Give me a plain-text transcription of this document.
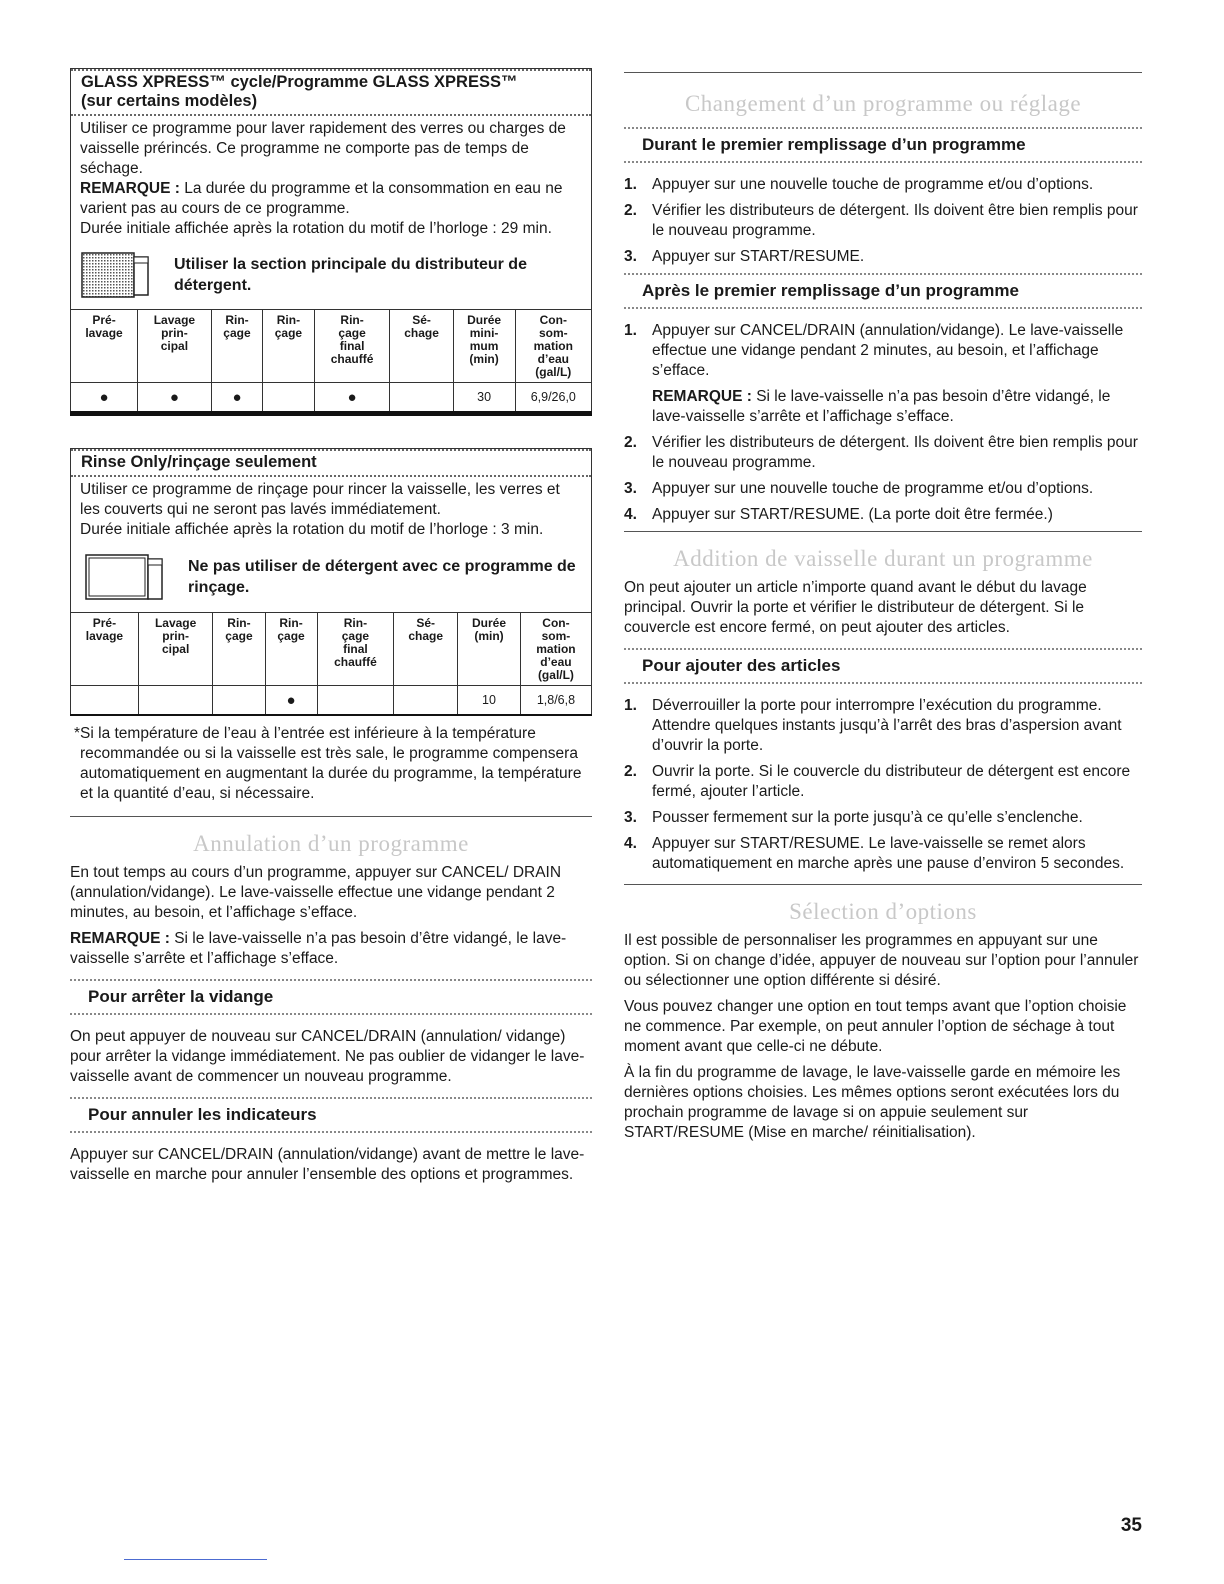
GLASS XPRESS™ cycle/Programme GLASS XPRESS™
(sur certains modèles)

Utiliser ce programme pour laver rapidement des verres ou charges de vaisselle prérincés. Ce programme ne comporte pas de temps de séchage.

REMARQUE : La durée du programme et la consommation en eau ne varient pas au cours de ce programme.

Durée initiale affichée après la rotation du motif de l’horloge : 29 min.

Utiliser la section principale du distributeur de détergent.
Pré-
lavage	Lavage
prin-
cipal	Rin-
çage	Rin-
çage	Rin-
çage
final
chauffé	Sé-
chage	Durée
mini-
mum
(min)	Con-
som-
mation
d’eau
(gal/L)
●	●	●		●		30	6,9/26,0
Rinse Only/rinçage seulement

Utiliser ce programme de rinçage pour rincer la vaisselle, les verres et les couverts qui ne seront pas lavés immédiatement.

Durée initiale affichée après la rotation du motif de l’horloge : 3 min.

Ne pas utiliser de détergent avec ce programme de rinçage.
Pré-
lavage	Lavage
prin-
cipal	Rin-
çage	Rin-
çage	Rin-
çage
final
chauffé	Sé-
chage	Durée
(min)	Con-
som-
mation
d’eau
(gal/L)
			●			10	1,8/6,8
*Si la température de l’eau à l’entrée est inférieure à la température recommandée ou si la vaisselle est très sale, le programme compensera automatiquement en augmentant la durée du programme, la température et la quantité d’eau, si nécessaire.
Annulation d’un programme

En tout temps au cours d’un programme, appuyer sur CANCEL/ DRAIN (annulation/vidange). Le lave-vaisselle effectue une vidange pendant 2 minutes, au besoin, et l’affichage s’efface.

REMARQUE : Si le lave-vaisselle n’a pas besoin d’être vidangé, le lave-vaisselle s’arrête et l’affichage s’efface.

Pour arrêter la vidange

On peut appuyer de nouveau sur CANCEL/DRAIN (annulation/ vidange) pour arrêter la vidange immédiatement. Ne pas oublier de vidanger le lave-vaisselle avant de commencer un nouveau programme.

Pour annuler les indicateurs

Appuyer sur CANCEL/DRAIN (annulation/vidange) avant de mettre le lave-vaisselle en marche pour annuler l’ensemble des options et programmes.

Changement d’un programme ou réglage
Durant le premier remplissage d’un programme
1. Appuyer sur une nouvelle touche de programme et/ou d’options.
2. Vérifier les distributeurs de détergent. Ils doivent être bien remplis pour le nouveau programme.
3. Appuyer sur START/RESUME.
Après le premier remplissage d’un programme
1. Appuyer sur CANCEL/DRAIN (annulation/vidange). Le lave-vaisselle effectue une vidange pendant 2 minutes, au besoin, et l’affichage s’efface.
REMARQUE : Si le lave-vaisselle n’a pas besoin d’être vidangé, le lave-vaisselle s’arrête et l’affichage s’efface.
2. Vérifier les distributeurs de détergent. Ils doivent être bien remplis pour le nouveau programme.
3. Appuyer sur une nouvelle touche de programme et/ou d’options.
4. Appuyer sur START/RESUME. (La porte doit être fermée.)
Addition de vaisselle durant un programme

On peut ajouter un article n’importe quand avant le début du lavage principal. Ouvrir la porte et vérifier le distributeur de détergent. Si le couvercle est encore fermé, on peut ajouter des articles.

Pour ajouter des articles
1. Déverrouiller la porte pour interrompre l’exécution du programme. Attendre quelques instants jusqu’à l’arrêt des bras d’aspersion avant d’ouvrir la porte.
2. Ouvrir la porte. Si le couvercle du distributeur de détergent est encore fermé, ajouter l’article.
3. Pousser fermement sur la porte jusqu’à ce qu’elle s’enclenche.
4. Appuyer sur START/RESUME. Le lave-vaisselle se remet alors automatiquement en marche après une pause d’environ 5 secondes.
Sélection d’options

Il est possible de personnaliser les programmes en appuyant sur une option. Si on change d’idée, appuyer de nouveau sur l’option pour l’annuler ou sélectionner une option différente si désiré.

Vous pouvez changer une option en tout temps avant que l’option choisie ne commence. Par exemple, on peut annuler l’option de séchage à tout moment avant que celle-ci ne débute.

À la fin du programme de lavage, le lave-vaisselle garde en mémoire les dernières options choisies. Les mêmes options seront exécutées lors du prochain programme de lavage si on appuie seulement sur START/RESUME (Mise en marche/ réinitialisation).

35
